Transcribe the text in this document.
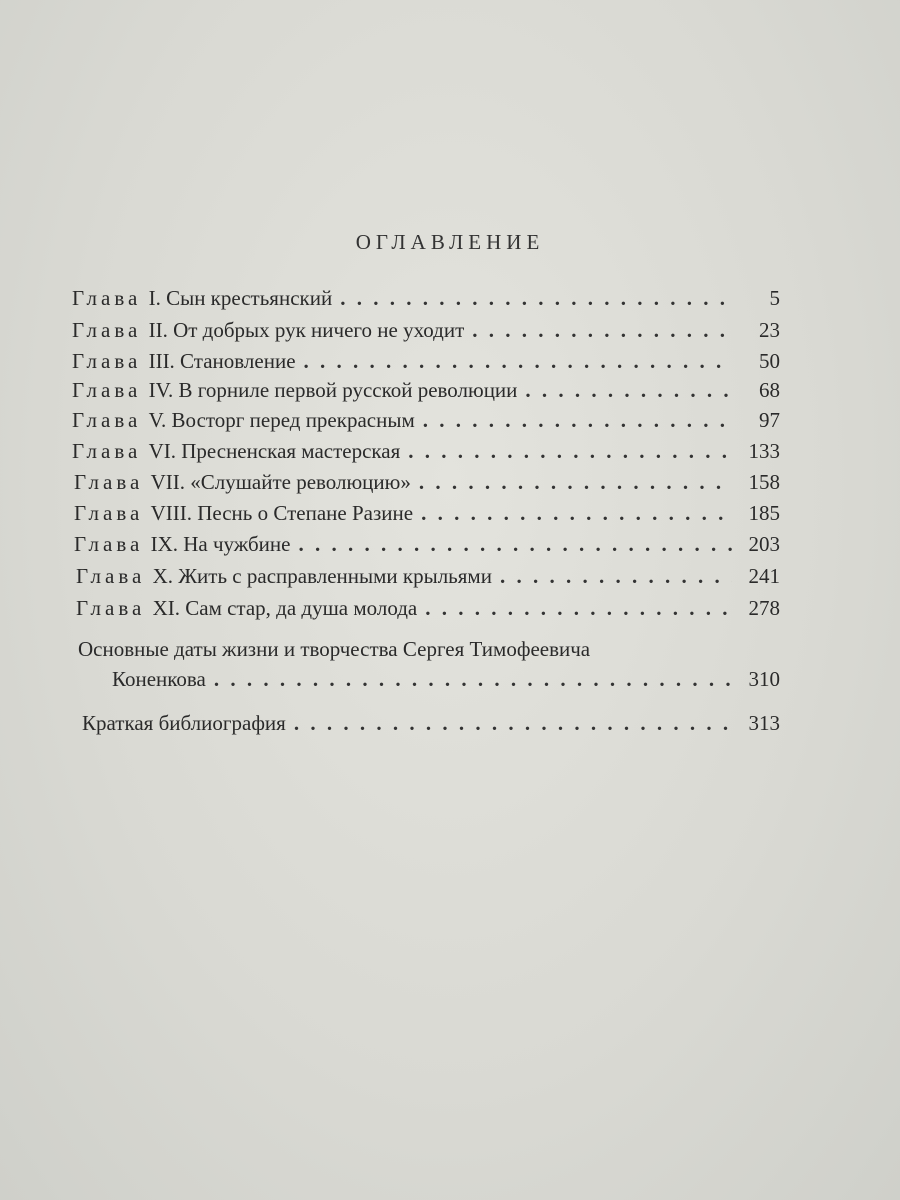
ОГЛАВЛЕНИЕ
Глава I. Сын крестьянский . . .	5
Глава II. От добрых рук ничего не уходит . . .	23
Глава III. Становление . . .	50
Глава IV. В горниле первой русской революции . . .	68
Глава V. Восторг перед прекрасным . . .	97
Глава VI. Пресненская мастерская . . .	133
Глава VII. «Слушайте революцию» . . .	158
Глава VIII. Песнь о Степане Разине . . .	185
Глава IX. На чужбине . . .	203
Глава X. Жить с расправленными крыльями . . .	241
Глава XI. Сам стар, да душа молода . . .	278
Основные даты жизни и творчества Сергея Тимофеевича
Коненкова . . .	310
Краткая библиография . . .	313
